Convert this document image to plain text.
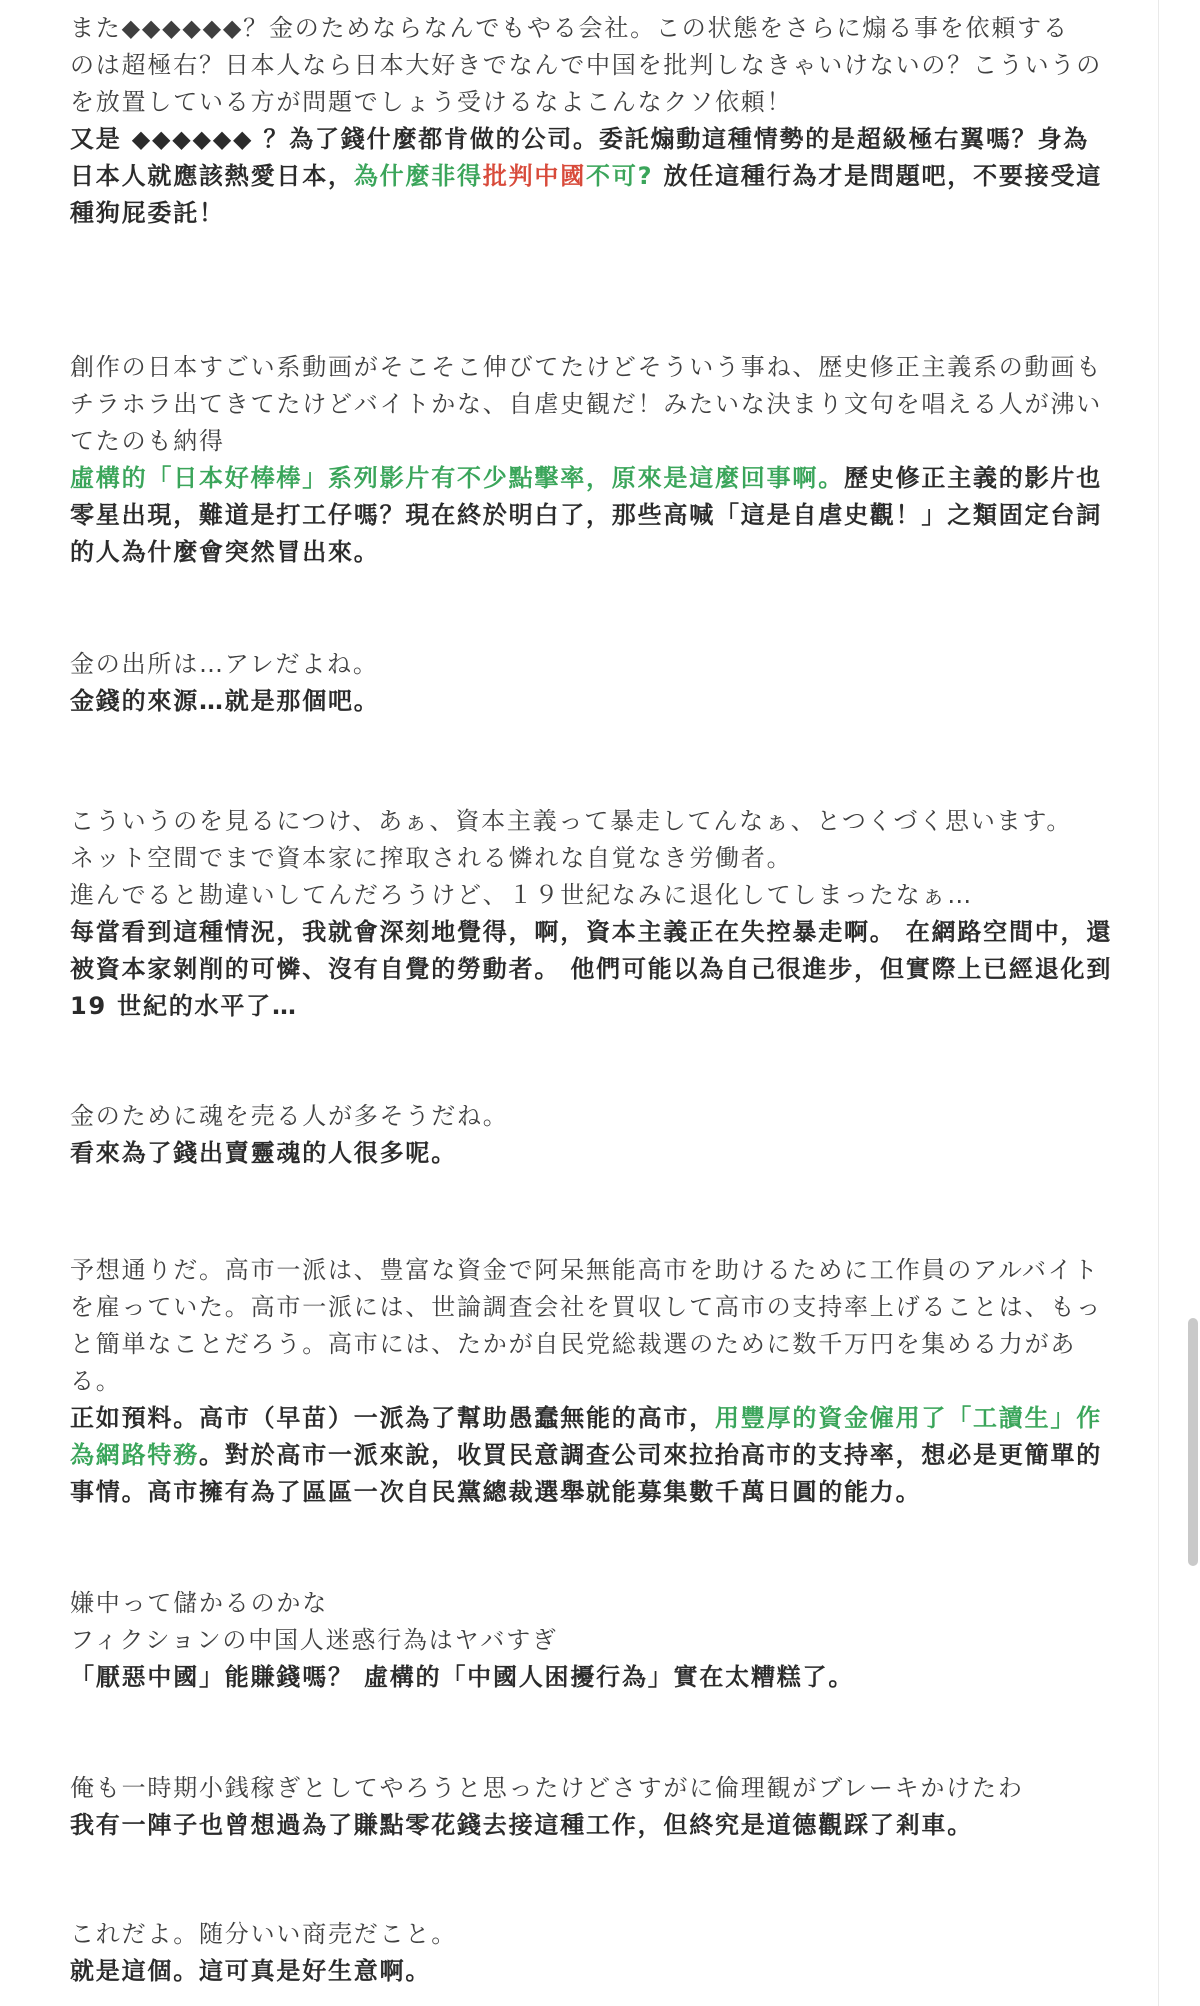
また◆◆◆◆◆◆？金のためならなんでもやる会社。この状態をさらに煽る事を依頼する
のは超極右？日本人なら日本大好きでなんで中国を批判しなきゃいけないの？こういうの
を放置している方が問題でしょう受けるなよこんなクソ依頼！
又是 ◆◆◆◆◆◆ ？為了錢什麼都肯做的公司。委託煽動這種情勢的是超級極右翼嗎？身為
日本人就應該熱愛日本，為什麼非得批判中國不可? 放任這種行為才是問題吧，不要接受這
種狗屁委託！
創作の日本すごい系動画がそこそこ伸びてたけどそういう事ね、歴史修正主義系の動画も
チラホラ出てきてたけどバイトかな、自虐史観だ！みたいな決まり文句を唱える人が沸い
てたのも納得
虛構的「日本好棒棒」系列影片有不少點擊率，原來是這麼回事啊。歷史修正主義的影片也
零星出現，難道是打工仔嗎？現在終於明白了，那些高喊「這是自虐史觀！」之類固定台詞
的人為什麼會突然冒出來。
金の出所は…アレだよね。
金錢的來源…就是那個吧。
こういうのを見るにつけ、あぁ、資本主義って暴走してんなぁ、とつくづく思います。
ネット空間でまで資本家に搾取される憐れな自覚なき労働者。
進んでると勘違いしてんだろうけど、１９世紀なみに退化してしまったなぁ…
每當看到這種情況，我就會深刻地覺得，啊，資本主義正在失控暴走啊。 在網路空間中，還
被資本家剝削的可憐、沒有自覺的勞動者。 他們可能以為自己很進步，但實際上已經退化到
19 世紀的水平了…
金のために魂を売る人が多そうだね。
看來為了錢出賣靈魂的人很多呢。
予想通りだ。高市一派は、豊富な資金で阿呆無能高市を助けるために工作員のアルバイト
を雇っていた。高市一派には、世論調査会社を買収して高市の支持率上げることは、もっ
と簡単なことだろう。高市には、たかが自民党総裁選のために数千万円を集める力があ
る。
正如預料。高市（早苗）一派為了幫助愚蠢無能的高市，用豐厚的資金僱用了「工讀生」作
為網路特務。對於高市一派來說，收買民意調查公司來拉抬高市的支持率，想必是更簡單的
事情。高市擁有為了區區一次自民黨總裁選舉就能募集數千萬日圓的能力。
嫌中って儲かるのかな
フィクションの中国人迷惑行為はヤバすぎ
「厭惡中國」能賺錢嗎？ 虛構的「中國人困擾行為」實在太糟糕了。
俺も一時期小銭稼ぎとしてやろうと思ったけどさすがに倫理観がブレーキかけたわ
我有一陣子也曾想過為了賺點零花錢去接這種工作，但終究是道德觀踩了剎車。
これだよ。随分いい商売だこと。
就是這個。這可真是好生意啊。
